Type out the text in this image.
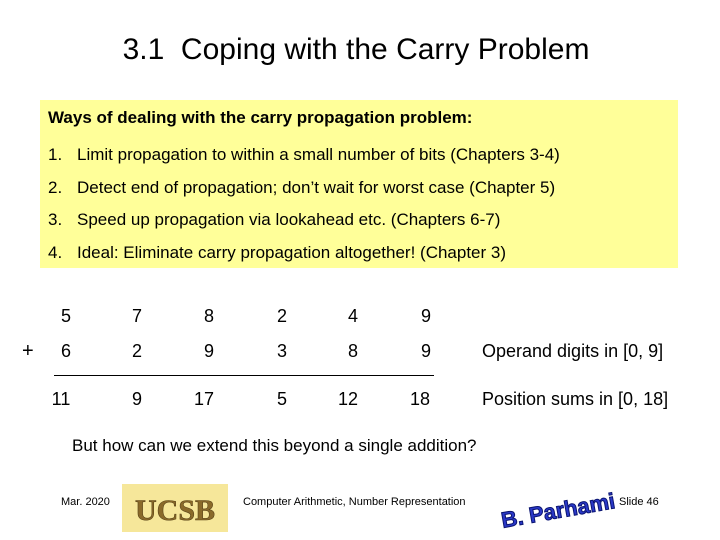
3.1  Coping with the Carry Problem
Ways of dealing with the carry propagation problem:
1. Limit propagation to within a small number of bits (Chapters 3-4)
2. Detect end of propagation; don’t wait for worst case (Chapter 5)
3. Speed up propagation via lookahead etc. (Chapters 6-7)
4. Ideal: Eliminate carry propagation altogether! (Chapter 3)
5	7	8	2	4	9
+	6	2	9	3	8	9	Operand digits in [0, 9]
11	9	17	5	12	18	Position sums in [0, 18]
But how can we extend this beyond a single addition?
Mar. 2020 UCSB	Computer Arithmetic, Number Representation B. Parhami Slide 46
